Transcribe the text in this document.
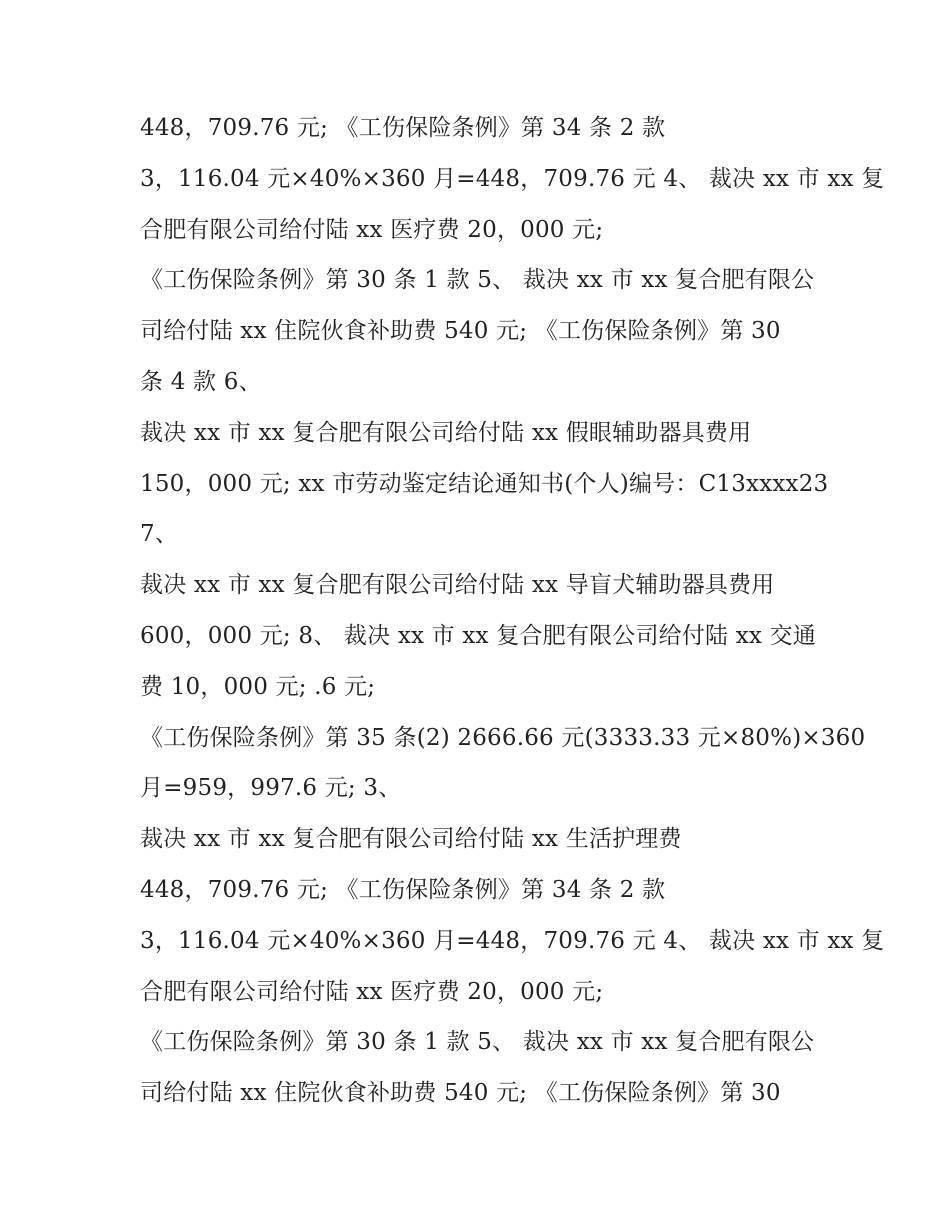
448，709.76 元; 《工伤保险条例》第 34 条 2 款
3，116.04 元×40%×360 月=448，709.76 元 4、 裁决 xx 市 xx 复
合肥有限公司给付陆 xx 医疗费 20，000 元;
《工伤保险条例》第 30 条 1 款 5、 裁决 xx 市 xx 复合肥有限公
司给付陆 xx 住院伙食补助费 540 元; 《工伤保险条例》第 30
条 4 款 6、
裁决 xx 市 xx 复合肥有限公司给付陆 xx 假眼辅助器具费用
150，000 元; xx 市劳动鉴定结论通知书(个人)编号：C13xxxx23
7、
裁决 xx 市 xx 复合肥有限公司给付陆 xx 导盲犬辅助器具费用
600，000 元; 8、 裁决 xx 市 xx 复合肥有限公司给付陆 xx 交通
费 10，000 元; .6 元;
《工伤保险条例》第 35 条(2) 2666.66 元(3333.33 元×80%)×360
月=959，997.6 元; 3、
裁决 xx 市 xx 复合肥有限公司给付陆 xx 生活护理费
448，709.76 元; 《工伤保险条例》第 34 条 2 款
3，116.04 元×40%×360 月=448，709.76 元 4、 裁决 xx 市 xx 复
合肥有限公司给付陆 xx 医疗费 20，000 元;
《工伤保险条例》第 30 条 1 款 5、 裁决 xx 市 xx 复合肥有限公
司给付陆 xx 住院伙食补助费 540 元; 《工伤保险条例》第 30
